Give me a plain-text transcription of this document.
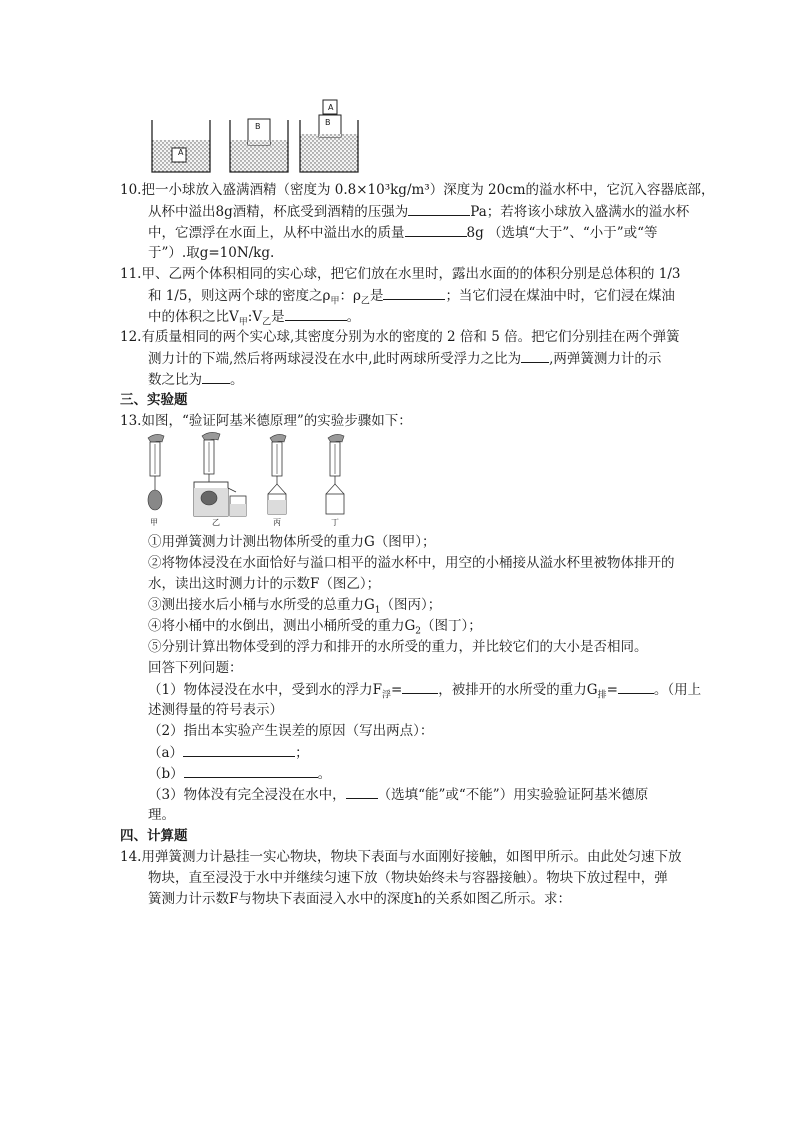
A
B	B
A
10.把一小球放入盛满酒精（密度为 0.8×10³kg/m³）深度为 20cm的溢水杯中，它沉入容器底部，
从杯中溢出8g酒精，杯底受到酒精的压强为	Pa；若将该小球放入盛满水的溢水杯
中，它漂浮在水面上，从杯中溢出水的质量	8g （选填“大于”、“小于”或“等
于”）.取g=10N/kg.
11.甲、乙两个体积相同的实心球，把它们放在水里时，露出水面的的体积分别是总体积的 1/3
和 1/5，则这两个球的密度之$\rho_甲$：$\rho_乙$是	；当它们浸在煤油中时，它们浸在煤油
中的体积之比$V_甲:V_乙$是	。
12.有质量相同的两个实心球,其密度分别为水的密度的 2 倍和 5 倍。把它们分别挂在两个弹簧
测力计的下端,然后将两球浸没在水中,此时两球所受浮力之比为 ,两弹簧测力计的示
数之比为 。
三、实验题
13.如图，“验证阿基米德原理”的实验步骤如下：
甲	乙	丙	丁
①用弹簧测力计测出物体所受的重力G（图甲）；
②将物体浸没在水面恰好与溢口相平的溢水杯中，用空的小桶接从溢水杯里被物体排开的
水，读出这时测力计的示数F（图乙）；
③测出接水后小桶与水所受的总重力$G_1$（图丙）；
④将小桶中的水倒出，测出小桶所受的重力$G_2$（图丁）；
⑤分别计算出物体受到的浮力和排开的水所受的重力，并比较它们的大小是否相同。
回答下列问题：
（1）物体浸没在水中，受到水的浮力$F_浮=$	，被排开的水所受的重力$G_排=$	。（用上
述测得量的符号表示）
（2）指出本实验产生误差的原因（写出两点）：
（a）	；
（b）	。
（3）物体没有完全浸没在水中， （选填“能”或“不能”）用实验验证阿基米德原
理。
四、计算题
14.用弹簧测力计悬挂一实心物块，物块下表面与水面刚好接触，如图甲所示。由此处匀速下放
物块，直至浸没于水中并继续匀速下放（物块始终未与容器接触）。物块下放过程中，弹
簧测力计示数F与物块下表面浸入水中的深度h的关系如图乙所示。求：
